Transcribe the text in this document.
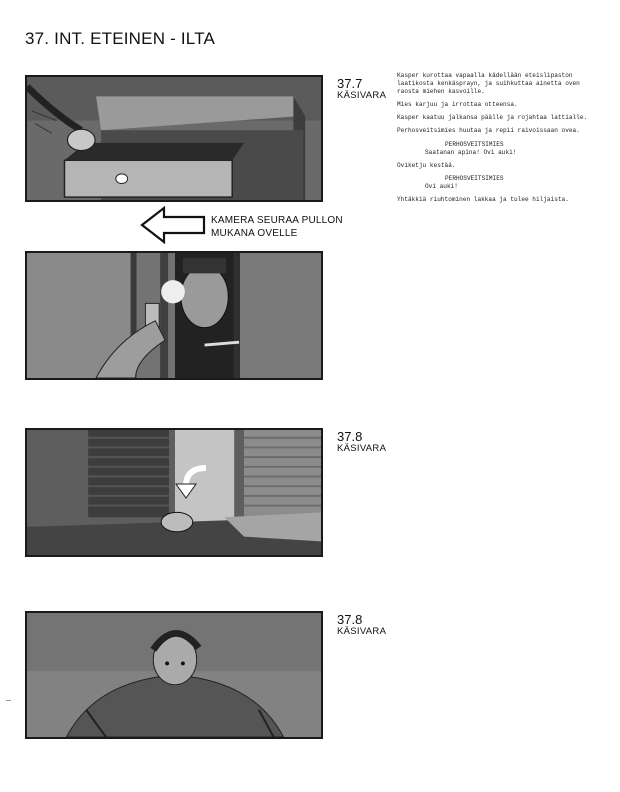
37. INT. ETEINEN - ILTA
37.7
KÄSIVARA
KAMERA SEURAA PULLON
MUKANA OVELLE
37.8
KÄSIVARA
37.8
KÄSIVARA

Kasper kurottaa vapaalla kädellään eteislipaston laatikosta kenkäsprayn, ja suihkuttaa ainetta oven raosta miehen kasvoille.

Mies karjuu ja irrottaa otteensa.

Kasper kaatuu jalkansa päälle ja rojahtaa lattialle.

Perhosveitsimies huutaa ja repii raivoissaan ovea.

PERHOSVEITSIMIES

Saatanan apina! Ovi auki!

Oviketju kestää.

PERHOSVEITSIMIES

Ovi auki!

Yhtäkkiä riuhtominen lakkaa ja tulee hiljaista.
